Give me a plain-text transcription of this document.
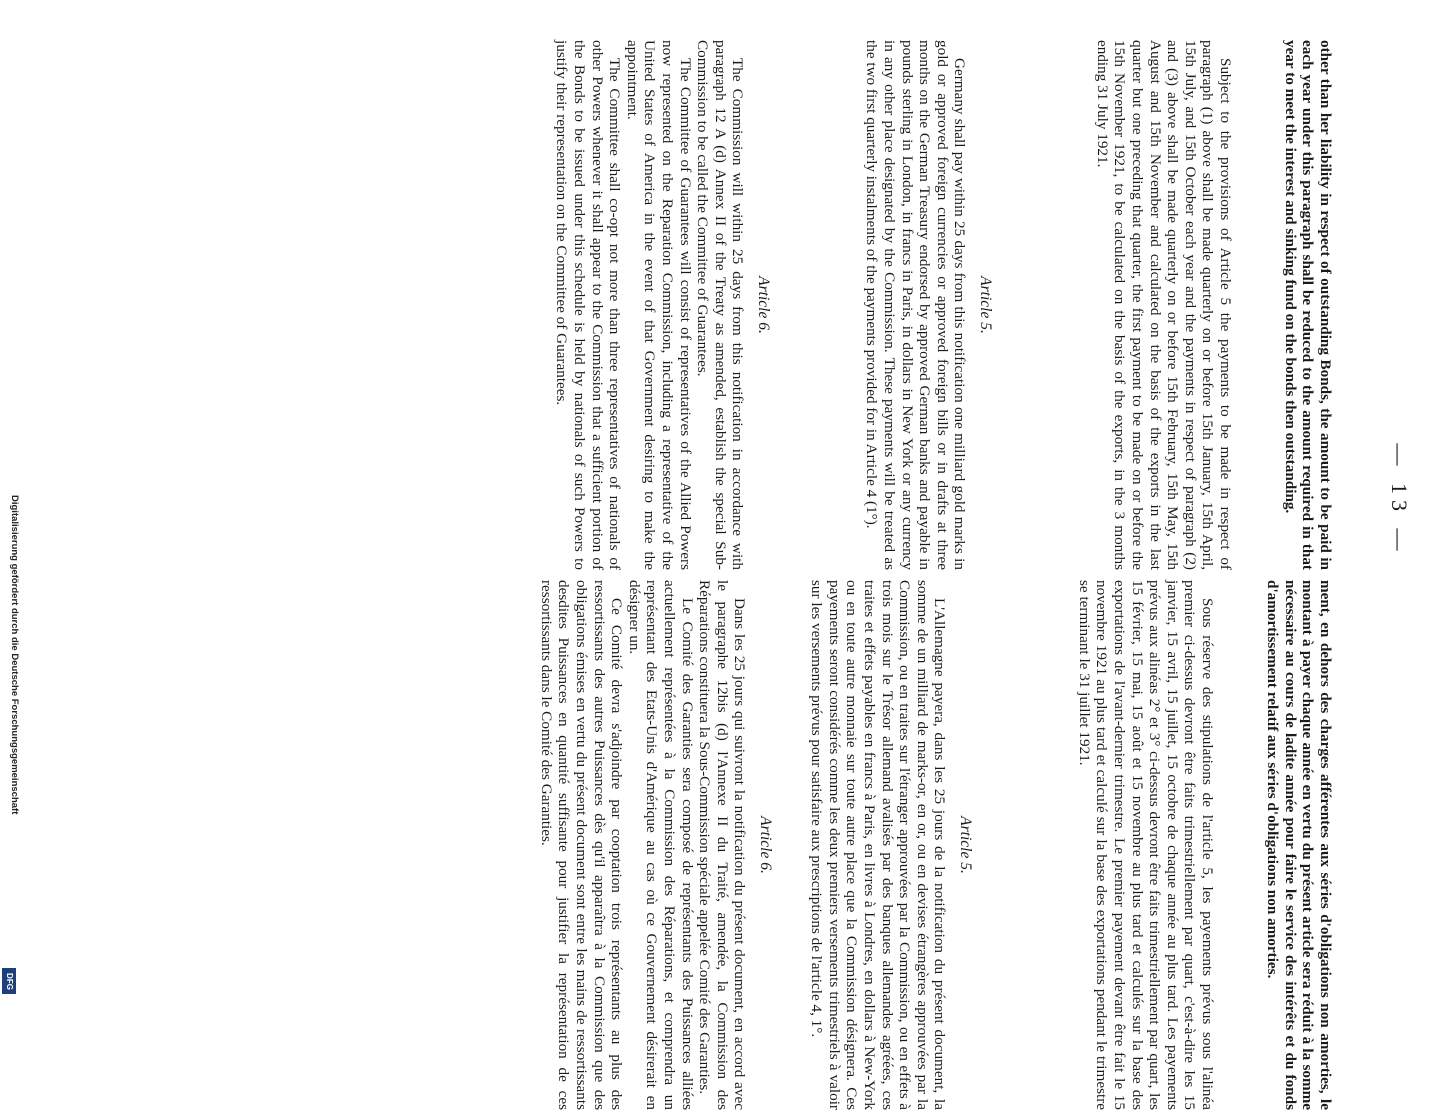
— 13 —

other than her liability in respect of outstanding Bonds, the amount to be paid in each year under this paragraph shall be reduced to the amount required in that year to meet the interest and sinking fund on the bonds then outstanding.

Subject to the provisions of Article 5 the payments to be made in respect of paragraph (1) above shall be made quarterly on or before 15th January, 15th April, 15th July, and 15th October each year and the payments in respect of paragraph (2) and (3) above shall be made quarterly on or before 15th February, 15th May, 15th August and 15th November and calculated on the basis of the exports in the last quarter but one preceding that quarter, the first payment to be made on or before the 15th November 1921, to be calculated on the basis of the exports, in the 3 months ending 31 July 1921.

Article 5.

Germany shall pay within 25 days from this notification one milliard gold marks in gold or approved foreign currencies or approved foreign bills or in drafts at three months on the German Treasury endorsed by approved German banks and payable in pounds sterling in London, in francs in Paris, in dollars in New York or any currency in any other place designated by the Commission. These payments will be treated as the two first quarterly instalments of the payments provided for in Article 4 (1°).

Article 6.

The Commission will within 25 days from this notification in accordance with paragraph 12 A (d) Annex II of the Treaty as amended, establish the special Sub-Commission to be called the Committee of Guarantees.

The Committee of Guarantees will consist of representatives of the Allied Powers now represented on the Reparation Commission, including a representative of the United States of America in the event of that Government desiring to make the appointment.

The Committee shall co-opt not more than three representatives of nationals of other Powers whenever it shall appear to the Commission that a sufficient portion of the Bonds to be issued under this schedule is held by nationals of such Powers to justify their representation on the Committee of Guarantees.

ment, en dehors des charges afférentes aux séries d'obligations non amorties, le montant à payer chaque année en vertu du présent article sera réduit à la somme nécessaire au cours de ladite année pour faire le service des intérêts et du fonds d'amortissement relatif aux séries d'obligations non amorties.

Sous réserve des stipulations de l'article 5, les payements prévus sous l'alinéa premier ci-dessus devront être faits trimestriellement par quart, c'est-à-dire les 15 janvier, 15 avril, 15 juillet, 15 octobre de chaque année au plus tard. Les payements prévus aux alinéas 2° et 3° ci-dessus devront être faits trimestriellement par quart, les 15 février, 15 mai, 15 août et 15 novembre au plus tard et calculés sur la base des exportations de l'avant-dernier trimestre. Le premier payement devant être fait le 15 novembre 1921 au plus tard et calculé sur la base des exportations pendant le trimestre se terminant le 31 juillet 1921.

Article 5.

L'Allemagne payera, dans les 25 jours de la notification du présent document, la somme de un milliard de marks-or, en or, ou en devises étrangères approuvées par la Commission, ou en traites sur l'étranger approuvées par la Commission, ou en effets à trois mois sur le Trésor allemand avalisés par des banques allemandes agréées, ces traites et effets payables en francs à Paris, en livres à Londres, en dollars à New-York ou en toute autre monnaie sur toute autre place que la Commission désignera. Ces payements seront considérés comme les deux premiers versements trimestriels à valoir sur les versements prévus pour satisfaire aux prescriptions de l'article 4, 1°.

Article 6.

Dans les 25 jours qui suivront la notification du présent document, en accord avec le paragraphe 12bis (d) l'Annexe II du Traité, amendée, la Commission des Réparations constituera la Sous-Commission spéciale appelée Comité des Garanties.

Le Comité des Garanties sera composé de représentants des Puissances alliées actuellement représentées à la Commission des Réparations, et comprendra un représentant des Etats-Unis d'Amérique au cas où ce Gouvernement désirerait en désigner un.

Ce Comité devra s'adjoindre par cooptation trois représentants au plus des ressortissants des autres Puissances dès qu'il apparaîtra à la Commission que des obligations émises en vertu du présent document sont entre les mains de ressortissants desdites Puissances en quantité suffisante pour justifier la représentation de ces ressortissants dans le Comité des Garanties.

Digitalisierung gefördert durch die Deutsche Forschungsgemeinschaft
DFG
